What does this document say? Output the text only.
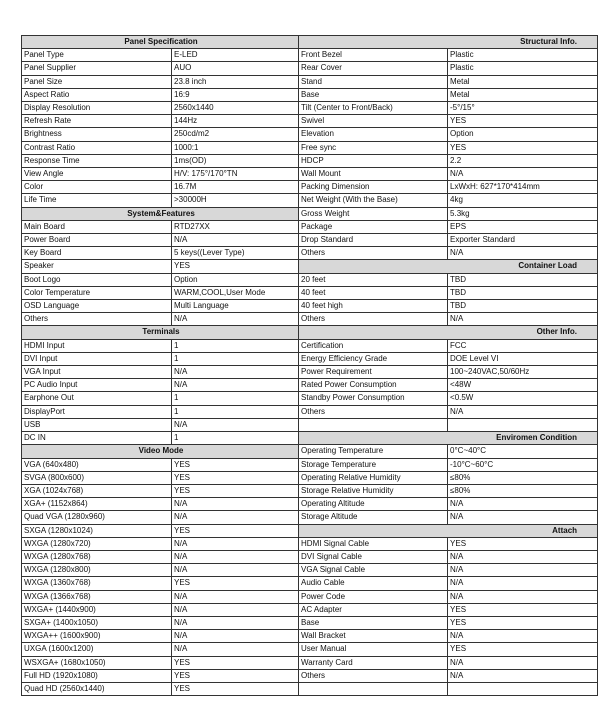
Panel Specification		Structural Info.	
Panel Type	E-LED	Front Bezel	Plastic
Panel Supplier	AUO	Rear Cover	Plastic
Panel Size	23.8 inch	Stand	Metal
Aspect Ratio	16:9	Base	Metal
Display Resolution	2560x1440	Tilt (Center to Front/Back)	-5°/15°
Refresh Rate	144Hz	Swivel	YES
Brightness	250cd/m2	Elevation	Option
Contrast Ratio	1000:1	Free sync	YES
Response Time	1ms(OD)	HDCP	2.2
View Angle	H/V: 175°/170°TN	Wall Mount	N/A
Color	16.7M	Packing Dimension	LxWxH: 627*170*414mm
Life Time	>30000H	Net Weight (With the Base)	4kg
System&Features		Gross Weight	5.3kg
Main Board	RTD27XX	Package	EPS
Power Board	N/A	Drop Standard	Exporter Standard
Key Board	5 keys((Lever Type)	Others	N/A
Speaker	YES	Container Load	
Boot Logo	Option	20 feet	TBD
Color Temperature	WARM,COOL,User Mode	40 feet	TBD
OSD Language	Multi Language	40 feet high	TBD
Others	N/A	Others	N/A
Terminals		Other Info.	
HDMI Input	1	Certification	FCC
DVI Input	1	Energy Efficiency Grade	DOE Level VI
VGA Input	N/A	Power Requirement	100~240VAC,50/60Hz
PC Audio Input	N/A	Rated Power Consumption	<48W
Earphone Out	1	Standby Power Consumption	<0.5W
DisplayPort	1	Others	N/A
USB	N/A		
DC IN	1	Enviromen Condition	
Video Mode		Operating Temperature	0°C~40°C
VGA (640x480)	YES	Storage Temperature	-10°C~60°C
SVGA (800x600)	YES	Operating Relative Humidity	≤80%
XGA (1024x768)	YES	Storage Relative Humidity	≤80%
XGA+ (1152x864)	N/A	Operating Altitude	N/A
Quad VGA (1280x960)	N/A	Storage Altitude	N/A
SXGA (1280x1024)	YES	Attach	
WXGA (1280x720)	N/A	HDMI Signal Cable	YES
WXGA (1280x768)	N/A	DVI Signal Cable	N/A
WXGA (1280x800)	N/A	VGA Signal Cable	N/A
WXGA (1360x768)	YES	Audio Cable	N/A
WXGA (1366x768)	N/A	Power Code	N/A
WXGA+ (1440x900)	N/A	AC Adapter	YES
SXGA+ (1400x1050)	N/A	Base	YES
WXGA++ (1600x900)	N/A	Wall Bracket	N/A
UXGA (1600x1200)	N/A	User Manual	YES
WSXGA+ (1680x1050)	YES	Warranty Card	N/A
Full HD (1920x1080)	YES	Others	N/A
Quad HD (2560x1440)	YES		
